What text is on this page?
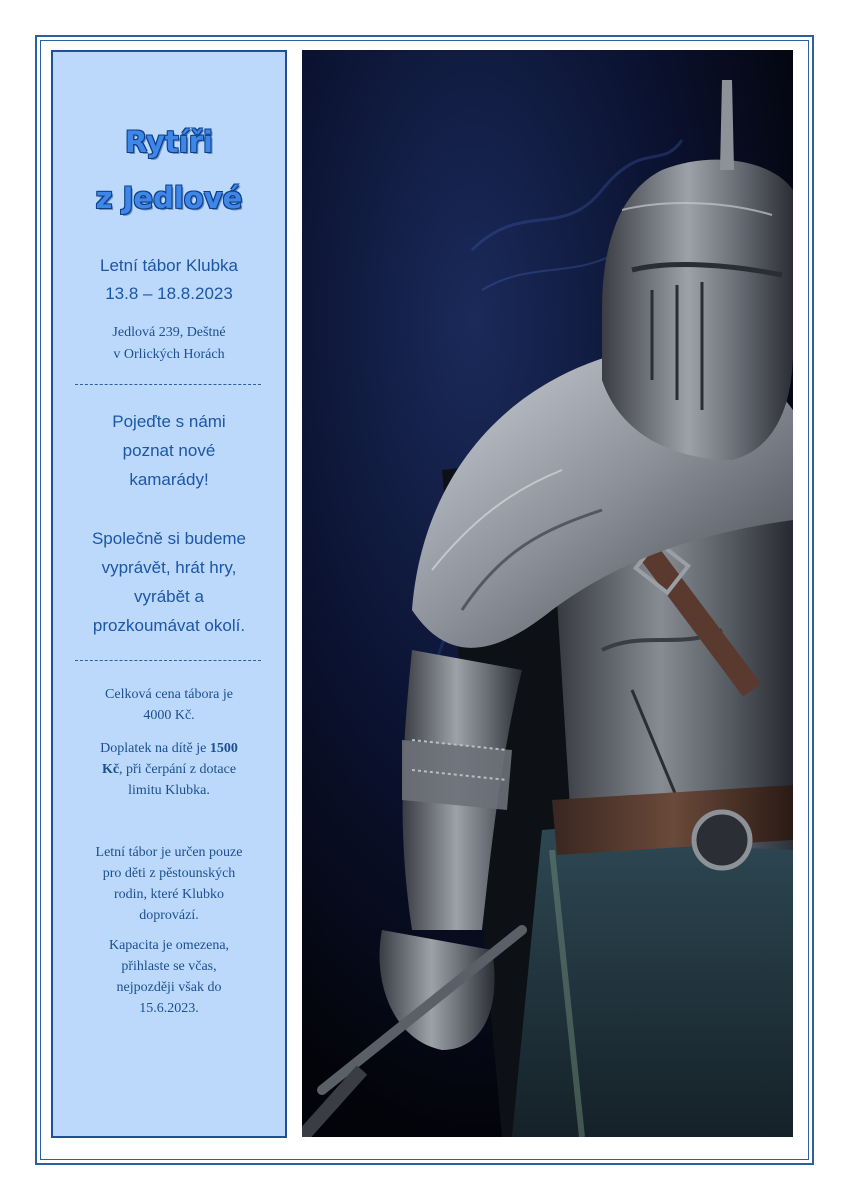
Rytíři
z Jedlové
Letní tábor Klubka
13.8 – 18.8.2023
Jedlová 239, Deštné
v Orlických Horách
Pojeďte s námi
poznat nové
kamarády!
Společně si budeme
vyprávět, hrát hry,
vyrábět a
prozkoumávat okolí.
Celková cena tábora je
4000 Kč.
Doplatek na dítě je 1500
Kč, při čerpání z dotace
limitu Klubka.
Letní tábor je určen pouze
pro děti z pěstounských
rodin, které Klubko
doprovází.
Kapacita je omezena,
přihlaste se včas,
nejpozději však do
15.6.2023.
